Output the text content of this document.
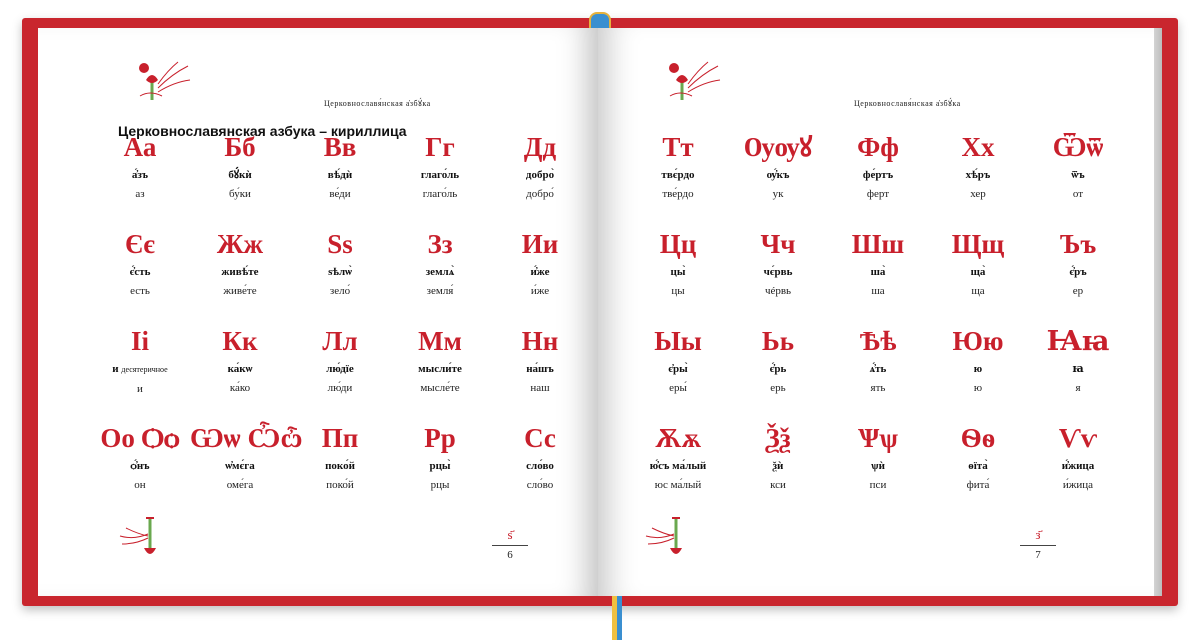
Церковнославя́нская а̓збꙋ́ка
Церковнославянская азбука – кириллица
Аа
а҆́зъ
аз
Бб
бꙋ́кѝ
бу́ки
Вв
вѣ́дѝ
ве́ди
Гг
глаго́ль
глаго́ль
Дд
добро̀
добро́
Єє
є҆́сть
есть
Жж
живѣ́те
живе́те
Ѕѕ
ѕѣлѡ̀
зело́
Зз
землѧ̀
земля́
Ии
и҆́же
и́же
Іі
и десятеричное
и
Кк
ка́кѡ
ка́ко
Лл
лю́дїе
лю́ди
Мм
мысли́те
мысле́те
Нн
на́шъ
наш
Оо Ѻѻ
ѻ҆́нъ
он
Ѡѡ Ѽѽ
ѡ҆мє́га
оме́га
Пп
поко́й
поко́й
Рр
рцы̀
рцы
Сс
сло́во
сло́во
ѕ҃
6
Церковнославя́нская а̓збꙋ́ка
Тт
твє́рдо
тве́рдо
Ѹѹꙋ
ѹ҆́къ
ук
Фф
фе́ртъ
ферт
Хх
хѣ́ръ
хер
Ѿѿ
ѿъ
от
Цц
цы̀
цы
Чч
чє́рвь
чéрвь
Шш
ша̀
ша
Щщ
ща̀
ща
Ъъ
є҆́ръ
ер
Ыы
є҆ры̀
еры́
Ьь
є҆́рь
ерь
Ѣѣ
ѧ҆́ть
ять
Юю
ю
ю
Ꙗꙗ
ꙗ
я
Ѫѫ
ю҆́съ ма́лый
юс ма́лый
Ѯѯ
ѯѝ
кси
Ѱѱ
ѱѝ
пси
Ѳѳ
ѳїта̀
фита́
Ѵѵ
и҆́жица
и́жица
з҃
7
